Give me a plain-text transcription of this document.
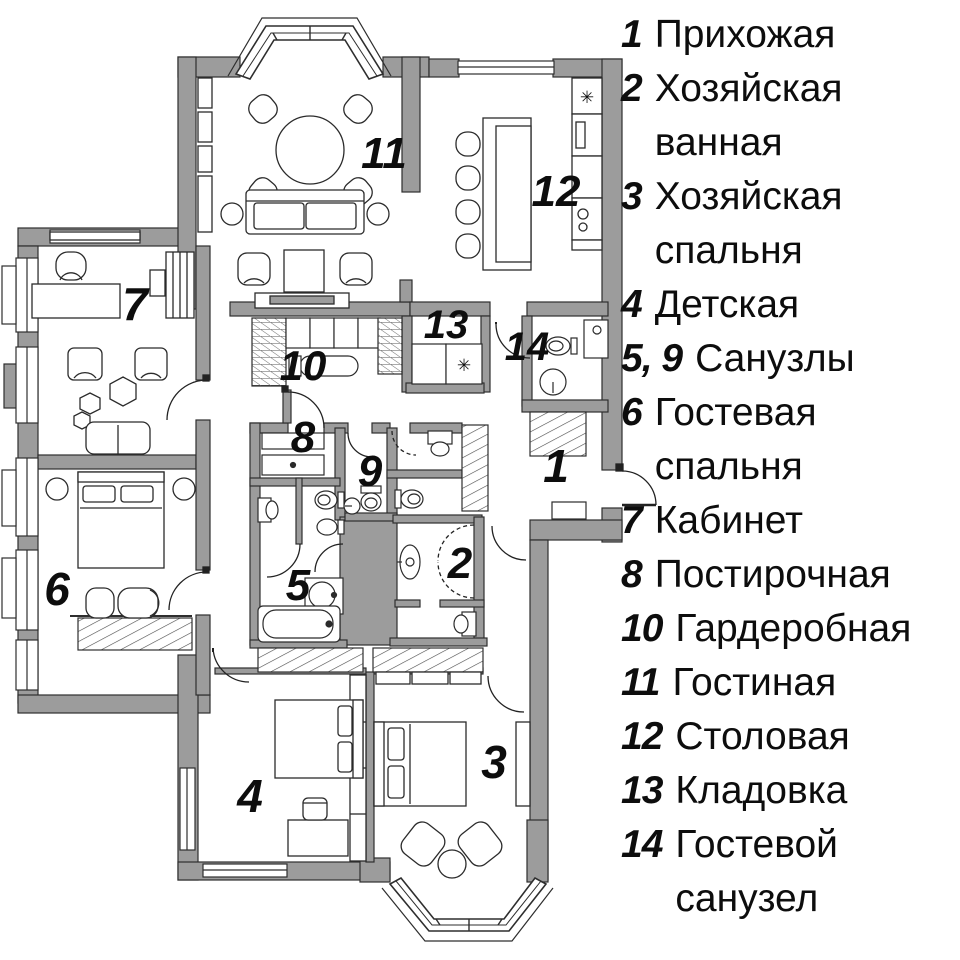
1
2
3
4
5
6
7
8
9
10
11
12
13 14
✳
✳
1 Прихожая
2 Хозяйская ванная
3 Хозяйская спальня
4 Детская
5, 9 Санузлы
6 Гостевая спальня
7 Кабинет
8 Постирочная
10 Гардеробная
11 Гостиная
12 Столовая
13 Кладовка
14 Гостевой санузел
